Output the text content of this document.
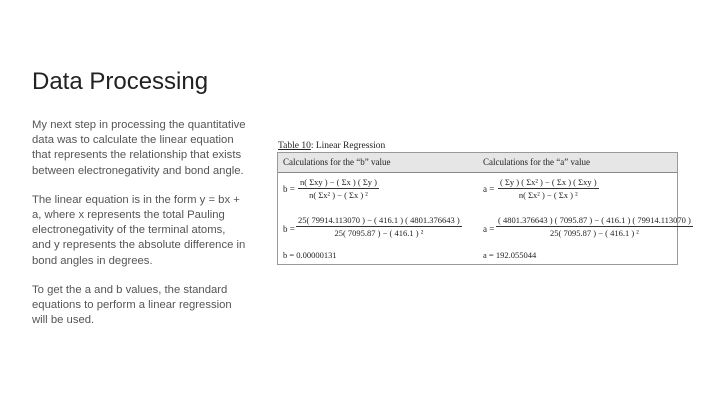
Data Processing

My next step in processing the quantitative data was to calculate the linear equation that represents the relationship that exists between electronegativity and bond angle.

The linear equation is in the form y = bx + a, where x represents the total Pauling electronegativity of the terminal atoms, and y represents the absolute difference in bond angles in degrees.

To get the a and b values, the standard equations to perform a linear regression will be used.

Table 10: Linear Regression
Calculations for the “b” value	Calculations for the “a” value
b =
n( Σxy ) − ( Σx ) ( Σy )
n( Σx² ) − ( Σx ) ²
$b = \frac{25( 79914.113070 ) - ( 416.1 ) ( 4801.376643 )}{\text{25( 7095.87 ) − ( 416.1 ) ²}}$
b = 0.00000131
a =
( Σy ) ( Σx² ) − ( Σx ) ( Σxy )
n( Σx² ) − ( Σx ) ²
$a = \frac{( 4801.376643 ) ( 7095.87 ) - ( 416.1 ) ( 79914.113070 )}{\text{25( 7095.87 ) − ( 416.1 ) ²}}$
a = 192.055044
